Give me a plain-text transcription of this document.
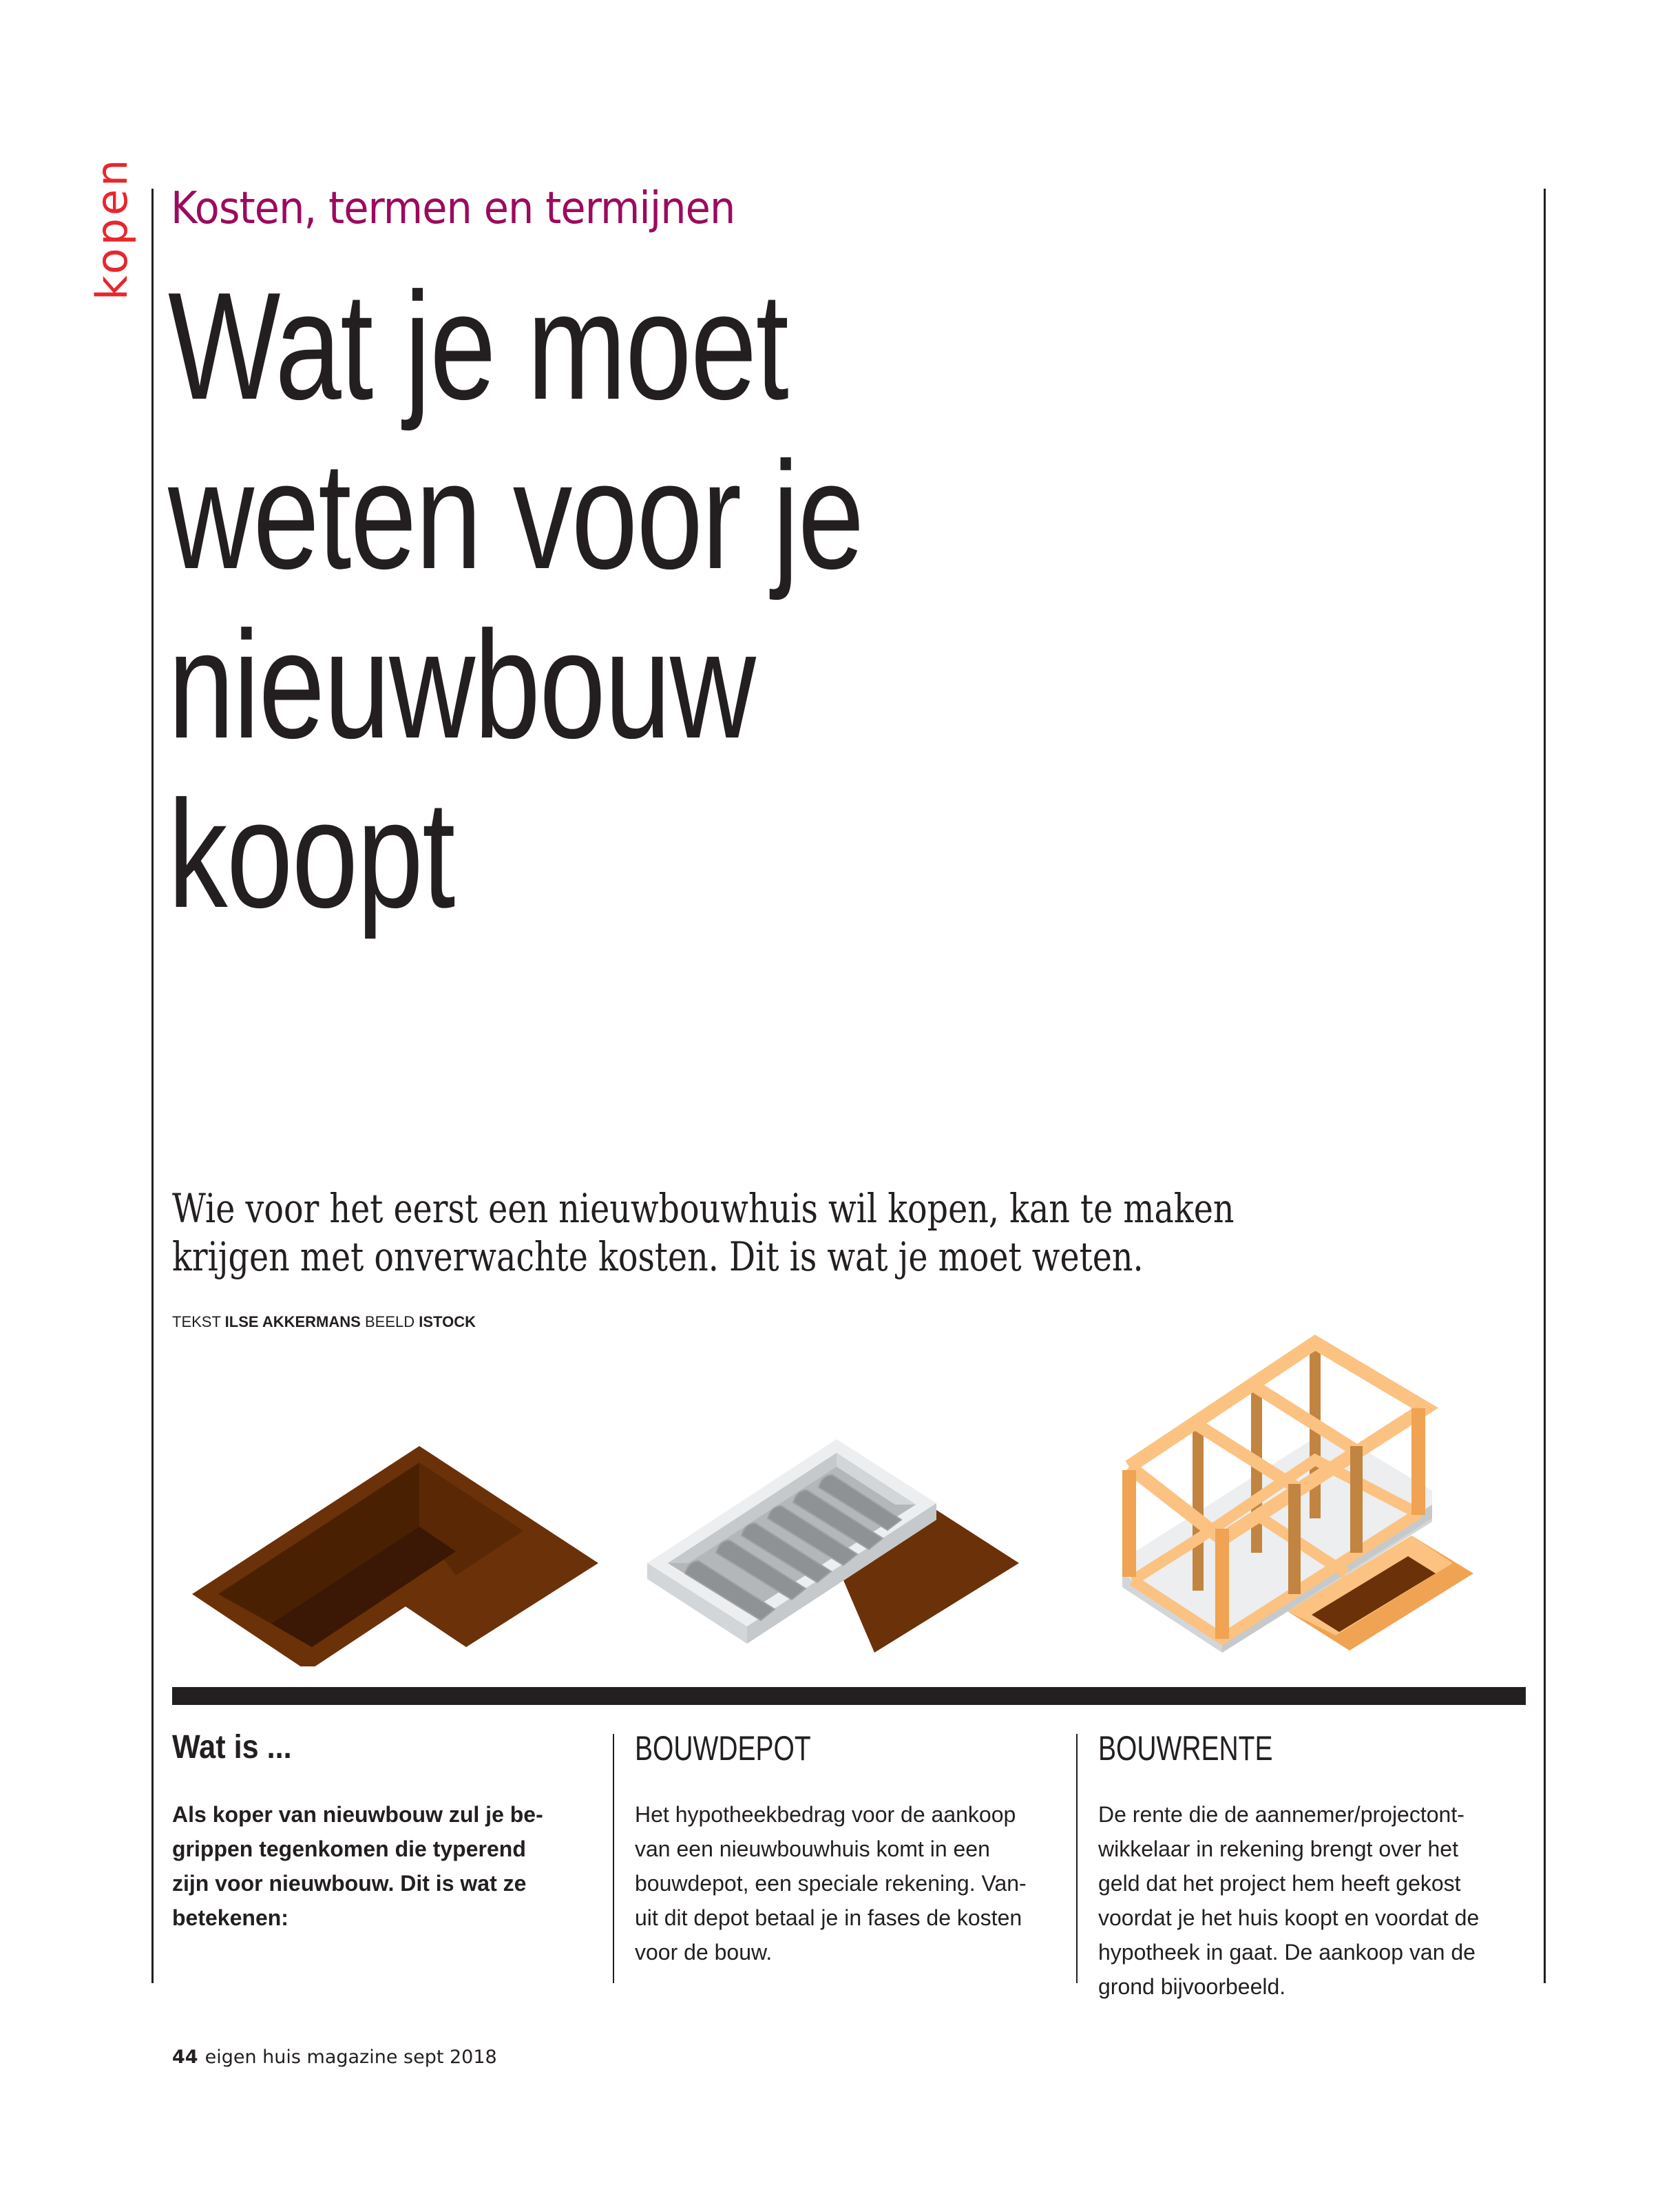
kopen Kosten, termen en termijnen
Wat je moet
weten voor je
nieuwbouw
koopt

Wie voor het eerst een nieuwbouwhuis wil kopen, kan te maken
krijgen met onverwachte kosten. Dit is wat je moet weten.

TEKST ILSE AKKERMANS BEELD ISTOCK
Wat is ...
Als koper van nieuwbouw zul je be-
grippen tegenkomen die typerend
zijn voor nieuwbouw. Dit is wat ze
betekenen:
BOUWDEPOT
Het hypotheekbedrag voor de aankoop
van een nieuwbouwhuis komt in een
bouwdepot, een speciale rekening. Van-
uit dit depot betaal je in fases de kosten
voor de bouw.
BOUWRENTE
De rente die de aannemer/projectont-
wikkelaar in rekening brengt over het
geld dat het project hem heeft gekost
voordat je het huis koopt en voordat de
hypotheek in gaat. De aankoop van de
grond bijvoorbeeld.
44 eigen huis magazine sept 2018
